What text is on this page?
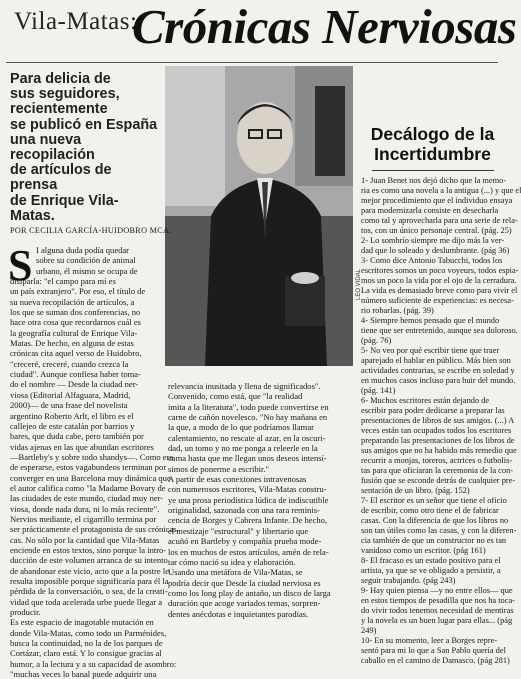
Vila-Matas:
Crónicas Nerviosas
Para delicia de
sus seguidores,
recientemente
se publicó en España
una nueva recopilación
de artículos de prensa
de Enrique Vila-Matas.
LEO VIDAL
Decálogo de la
Incertidumbre
1- Juan Benet nos dejó dicho que la memo-
ria es como una novela a la antigua (...) y que el
mejor procedimiento que el individuo ensaya
para modernizarla consiste en desecharla
como tal y aprovecharla para una serie de rela-
tos, con un único personaje central. (pág. 25)
2- Lo sombrío siempre me dijo más la ver-
dad que lo soleado y deslumbrante. (pág 36)
3- Como dice Antonio Tabucchi, todos los
escritores somos un poco voyeurs, todos espia-
mos un poco la vida por el ojo de la cerradura.
La vida es demasiado breve como para vivir el
número suficiente de experiencias: es necesa-
rio robarlas. (pág. 39)
4- Siempre hemos pensado que el mundo
tiene que ser entretenido, aunque sea doloroso.
(pág. 76)
5- No veo por qué escribir tiene que traer
aparejado el hablar en público. Más bien son
actividades contrarias, se escribe en soledad y
en muchos casos incluso para huir del mundo.
(pág. 141)
6- Muchos escritores están dejando de
escribir para poder dedicarse a preparar las
presentaciones de libros de sus amigos. (...) A
veces están tan ocupados todos los escritores
preparando las presentaciones de los libros de
sus amigos que no ha habido más remedio que
recurrir a monjas, toreros, actrices o futbolis-
tas para que oficiaran la ceremonia de la con-
fusión que se esconde detrás de cualquier pre-
sentación de un libro. (pág. 152)
7- El escritor es un señor que tiene el oficio
de escribir, como otro tiene el de fabricar
casas. Con la diferencia de que los libros no
son tan útiles como las casas, y con la diferen-
cia también de que un constructor no es tan
vanidoso como un escritor. (pág 161)
8- El fracaso es un estado positivo para el
artista, ya que se ve obligado a persistir, a
seguir trabajando. (pág 243)
9- Hay quien piensa —y no entre ellos— que
en estos tiempos de pesadilla que nos ha toca-
do vivir todos tenemos necesidad de mentiras
y la novela es un buen lugar para ellas... (pág
249)
10- En su momento, leer a Borges repre-
sentó para mi lo que a San Pablo quería del
caballo en el camino de Damasco. (pág 281)
POR CECILIA GARCÍA-HUIDOBRO MCA.
S I alguna duda podía quedar
sobre su condición de animal
urbano, él mismo se ocupa de
disiparla: "el campo para mí es
un país extranjero". Por eso, el título de
su nueva recopilación de artículos, a
los que se suman dos conferencias, no
hace otra cosa que recordarnos cuál es
la geografía cultural de Enrique Vila-
Matas. De hecho, en alguna de estas
crónicas cita aquel verso de Huidobro,
"creceré, creceré, cuando crezca la
ciudad". Aunque confiesa haber toma-
do el nombre — Desde la ciudad ner-
viosa (Editorial Alfaguara, Madrid,
2000)— de una frase del novelista
argentino Roberto Arlt, el libro es el
callejeo de este catalán por barrios y
bares, que duda cabe, pero también por
vidas ajenas en las que abundan escritores
—Bartleby's y sobre todo shandys—. Como era
de esperarse, estos vagabundeos terminan por
converger en una Barcelona muy dinámica que
el autor califica como "la Madame Bovary de
las ciudades de este mundo, ciudad muy ner-
viosa, donde nada dura, ni lo más reciente".
Nervios mediante, el cigarrillo termina por
ser prácticamente el protagonista de sus crónicas.
cas. No sólo por la cantidad que Vila-Matas
enciende en estos textos, sino porque la intro-
ducción de este volumen arranca de su intento
de abandonar este vicio, acto que a la postre le
resulta imposible porque significaría para él la
pérdida de la conversación, o sea, de la creati-
vidad que toda acelerada urbe puede llegar a
producir.
Es este espacio de inagotable mutación en
donde Vila-Matas, como todo un Parménides,
busca la continuidad, no la de los parques de
Cortázar, claro está. Y lo consigue gracias al
humor, a la lectura y a su capacidad de asombro:
"muchas veces lo banal puede adquirir una
relevancia inusitada y llena de significados".
Convenido, como está, que "la realidad
imita a la literatura", todo puede convertirse en
carne de cañón novelesco. "No hay mañana en
la que, a modo de lo que podríamos llamar
calentamiento, no rescate al azar, en la oscuri-
dad, un tomo y no me ponga a releerle en la
cama hasta que me llegan unos deseos intensí-
simos de ponerme a escribir."
A partir de esas conexiones intravenosas
con numerosos escritores, Vila-Matas constru-
ye una prosa periodística lúdica de indiscutible
originalidad, sazonada con una rara reminis-
cencia de Borges y Cabrera Infante. De hecho,
el mestizaje "estructural" y libertario que
acuñó en Bartleby y compañía prueba mode-
los en muchos de estos artículos, amén de rela-
tar cómo nació su idea y elaboración.
Usando una metáfora de Vila-Matas, se
podría decir que Desde la ciudad nerviosa es
como los long play de antaño, un disco de larga
duración que acoge variados temas, sorpren-
dentes anécdotas e inquietantes parodias.
